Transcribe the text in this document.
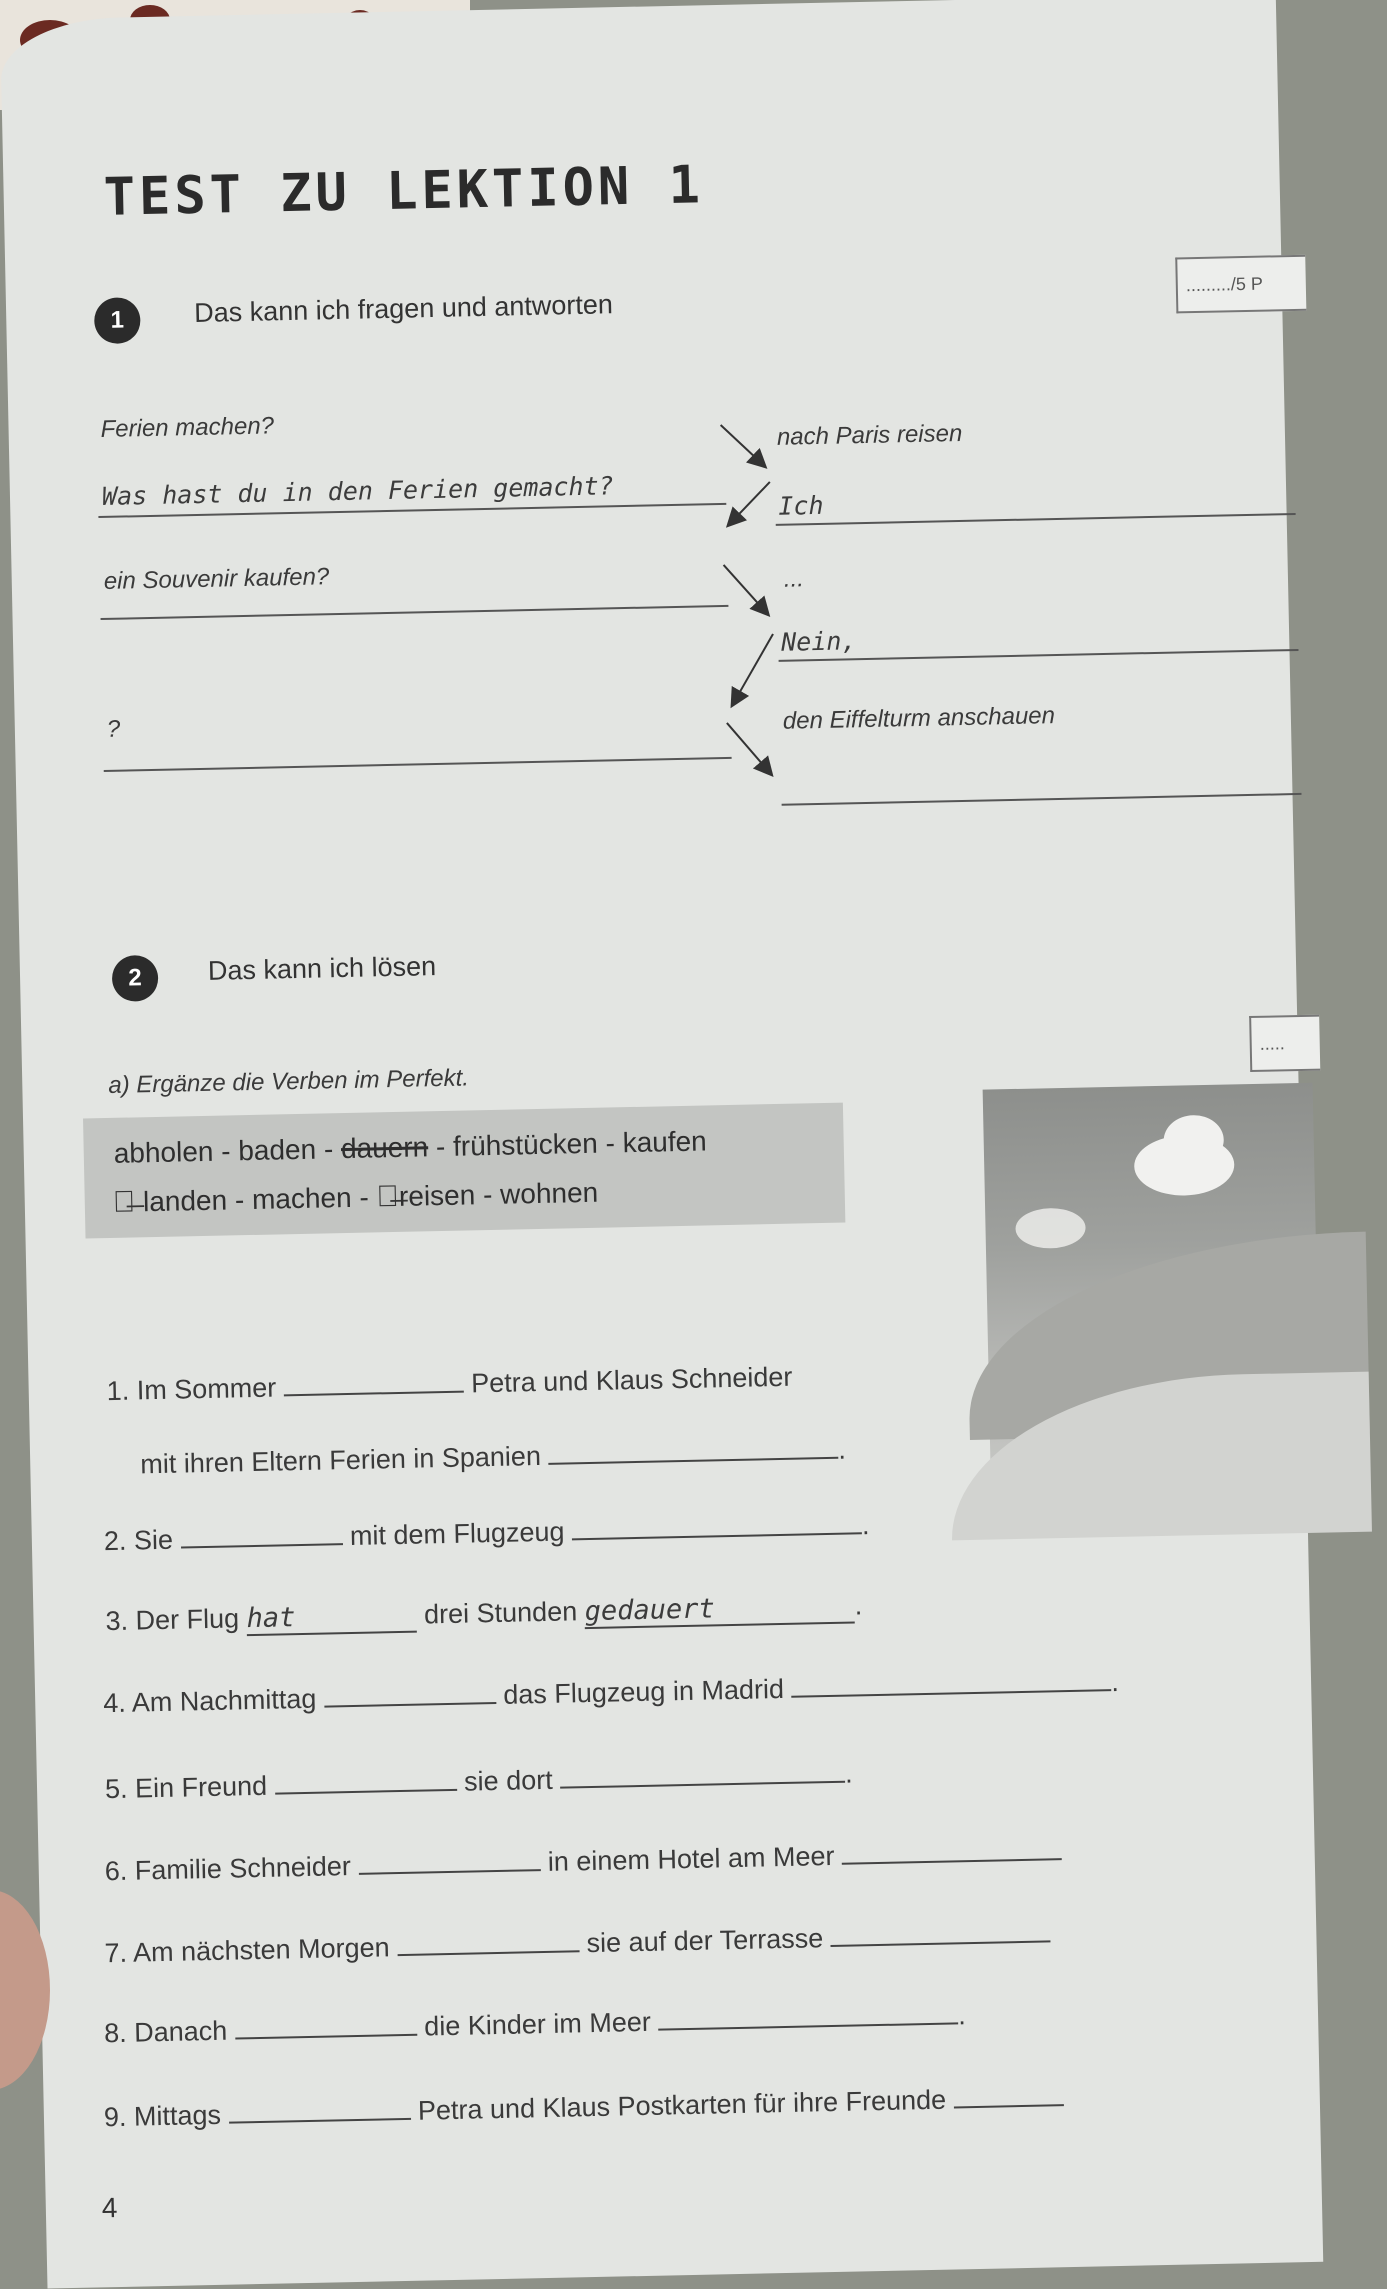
TEST ZU LEKTION 1
1	Das kann ich fragen und antworten
........./5 P
Ferien machen?
Was hast du in den Ferien gemacht?
ein Souvenir kaufen?
?
nach Paris reisen
Ich
...
Nein,
den Eiffelturm anschauen
2	Das kann ich lösen
.....
a) Ergänze die Verben im Perfekt.
abholen - baden - dauern - frühstücken - kaufen
卐̶ landen - machen - 卐̶reisen - wohnen
1. Im Sommer	Petra und Klaus Schneider
mit ihren Eltern Ferien in Spanien	.
2. Sie	mit dem Flugzeug	.
3. Der Flug hat	drei Stunden gedauert	.
4. Am Nachmittag	das Flugzeug in Madrid	.
5. Ein Freund	sie dort	.
6. Familie Schneider	in einem Hotel am Meer
7. Am nächsten Morgen	sie auf der Terrasse
8. Danach	die Kinder im Meer	.
9. Mittags	Petra und Klaus Postkarten für ihre Freunde
4
